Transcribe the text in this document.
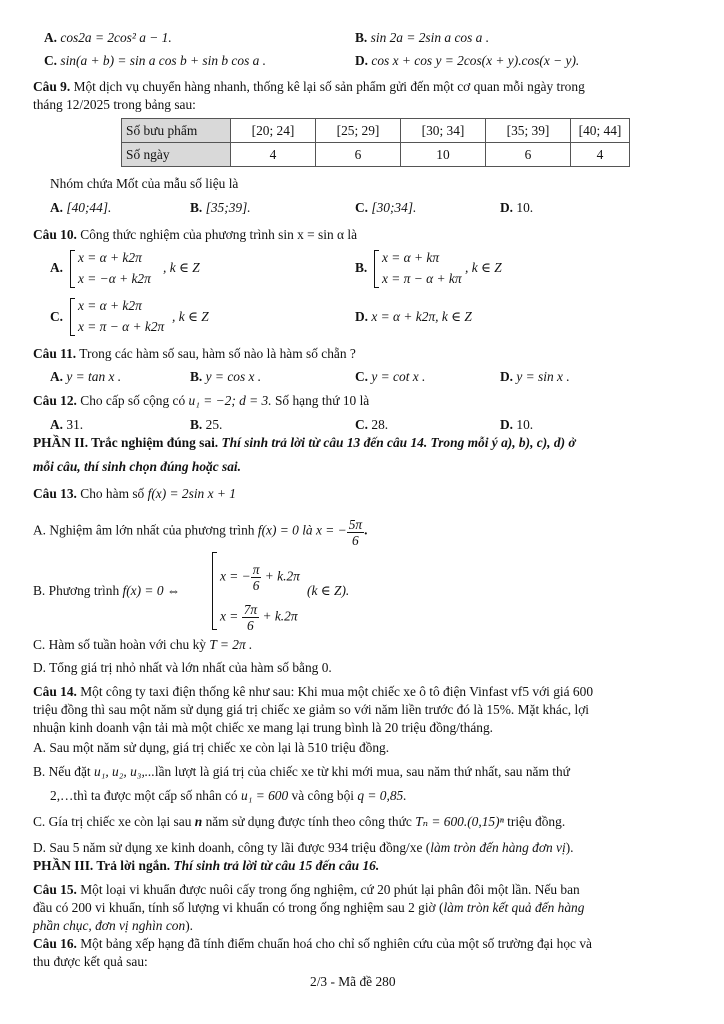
A. cos2a = 2cos² a − 1.	B. sin 2a = 2sin a cos a .
C. sin(a + b) = sin a cos b + sin b cos a .	D. cos x + cos y = 2cos(x + y).cos(x − y).
Câu 9. Một dịch vụ chuyển hàng nhanh, thống kê lại số sản phẩm gửi đến một cơ quan mỗi ngày trong
tháng 12/2025 trong bảng sau:
Số bưu phẩm	[20; 24]	[25; 29]	[30; 34]	[35; 39]	[40; 44]
Số ngày	4	6	10	6	4
Nhóm chứa Mốt của mẫu số liệu là
A. [40;44].	B. [35;39].	C. [30;34].	D. 10.
Câu 10. Công thức nghiệm của phương trình sin x = sin α là
A.
x = α + k2π
x = −α + k2π
, k ∈ Z	B.
x = α + kπ
x = π − α + kπ
, k ∈ Z
C.
x = α + k2π
x = π − α + k2π
, k ∈ Z	D. x = α + k2π, k ∈ Z
Câu 11. Trong các hàm số sau, hàm số nào là hàm số chẵn ?
A. y = tan x .	B. y = cos x .	C. y = cot x .	D. y = sin x .
Câu 12. Cho cấp số cộng có u₁ = −2; d = 3. Số hạng thứ 10 là
A. 31.	B. 25.	C. 28.	D. 10.
PHẦN II. Trắc nghiệm đúng sai. Thí sinh trả lời từ câu 13 đến câu 14. Trong mỗi ý a), b), c), d) ở
mỗi câu, thí sinh chọn đúng hoặc sai.
Câu 13. Cho hàm số f(x) = 2sin x + 1
A. Nghiệm âm lớn nhất của phương trình f(x) = 0 là x = − $\frac{5\pi}{6}$ .
B. Phương trình f(x) = 0 ⇔
x = − $\frac{\pi}{6} + k.2\pi$
$x = \frac{7\pi}{6} + k.2\pi$
(k ∈ Z).
C. Hàm số tuần hoàn với chu kỳ T = 2π .
D. Tổng giá trị nhỏ nhất và lớn nhất của hàm số bằng 0.
Câu 14. Một công ty taxi điện thống kê như sau: Khi mua một chiếc xe ô tô điện Vinfast vf5 với giá 600
triệu đồng thì sau một năm sử dụng giá trị chiếc xe giảm so với năm liền trước đó là 15%. Mặt khác, lợi
nhuận kinh doanh vận tải mà một chiếc xe mang lại trung bình là 20 triệu đồng/tháng.
A. Sau một năm sử dụng, giá trị chiếc xe còn lại là 510 triệu đồng.
B. Nếu đặt u₁, u₂, u₃,...lần lượt là giá trị của chiếc xe từ khi mới mua, sau năm thứ nhất, sau năm thứ
2,…thì ta được một cấp số nhân có u₁ = 600 và công bội q = 0,85.
C. Gía trị chiếc xe còn lại sau n năm sử dụng được tính theo công thức Tₙ = 600.(0,15)ⁿ triệu đồng.
D. Sau 5 năm sử dụng xe kinh doanh, công ty lãi được 934 triệu đồng/xe (làm tròn đến hàng đơn vị).
PHẦN III. Trả lời ngắn. Thí sinh trả lời từ câu 15 đến câu 16.
Câu 15. Một loại vi khuẩn được nuôi cấy trong ống nghiệm, cứ 20 phút lại phân đôi một lần. Nếu ban
đầu có 200 vi khuẩn, tính số lượng vi khuẩn có trong ống nghiệm sau 2 giờ (làm tròn kết quả đến hàng
phần chục, đơn vị nghìn con).
Câu 16. Một bảng xếp hạng đã tính điểm chuẩn hoá cho chỉ số nghiên cứu của một số trường đại học và
thu được kết quả sau:
2/3 - Mã đề 280
